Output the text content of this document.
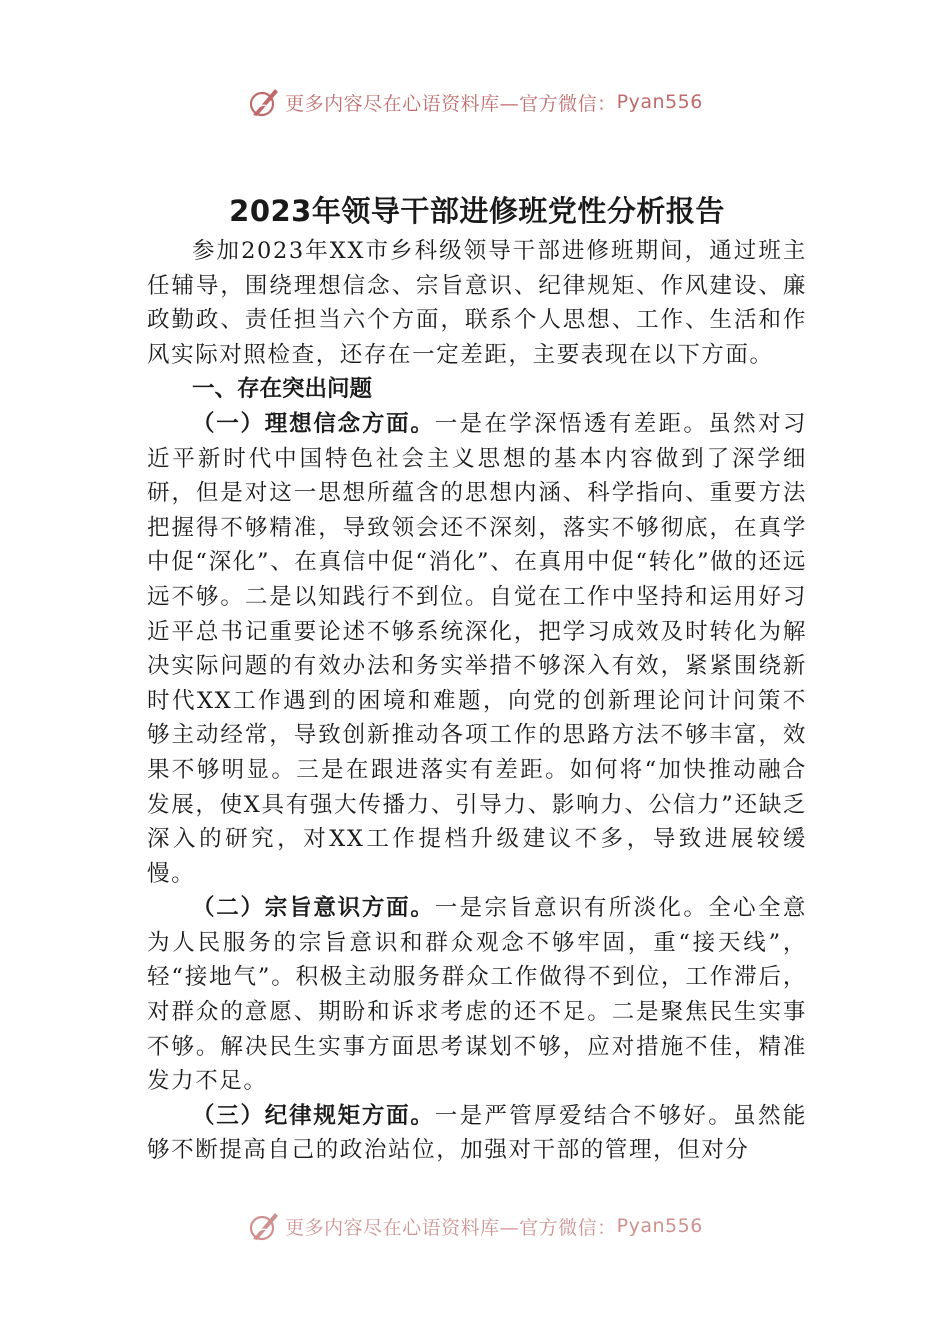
更多内容尽在心语资料库—官方微信： Pyan556
2023年领导干部进修班党性分析报告

参加2023年XX市乡科级领导干部进修班期间，通过班主任辅导，围绕理想信念、宗旨意识、纪律规矩、作风建设、廉政勤政、责任担当六个方面，联系个人思想、工作、生活和作风实际对照检查，还存在一定差距，主要表现在以下方面。

一、存在突出问题

（一）理想信念方面。一是在学深悟透有差距。虽然对习近平新时代中国特色社会主义思想的基本内容做到了深学细研，但是对这一思想所蕴含的思想内涵、科学指向、重要方法把握得不够精准，导致领会还不深刻，落实不够彻底，在真学中促“深化”、在真信中促“消化”、在真用中促“转化”做的还远远不够。二是以知践行不到位。自觉在工作中坚持和运用好习近平总书记重要论述不够系统深化，把学习成效及时转化为解决实际问题的有效办法和务实举措不够深入有效，紧紧围绕新时代XX工作遇到的困境和难题，向党的创新理论问计问策不够主动经常，导致创新推动各项工作的思路方法不够丰富，效果不够明显。三是在跟进落实有差距。如何将“加快推动融合发展，使X具有强大传播力、引导力、影响力、公信力”还缺乏深入的研究，对XX工作提档升级建议不多，导致进展较缓慢。

（二）宗旨意识方面。一是宗旨意识有所淡化。全心全意为人民服务的宗旨意识和群众观念不够牢固，重“接天线”，轻“接地气”。积极主动服务群众工作做得不到位，工作滞后，对群众的意愿、期盼和诉求考虑的还不足。二是聚焦民生实事不够。解决民生实事方面思考谋划不够，应对措施不佳，精准发力不足。

（三）纪律规矩方面。一是严管厚爱结合不够好。虽然能够不断提高自己的政治站位，加强对干部的管理，但对分

更多内容尽在心语资料库—官方微信： Pyan556
